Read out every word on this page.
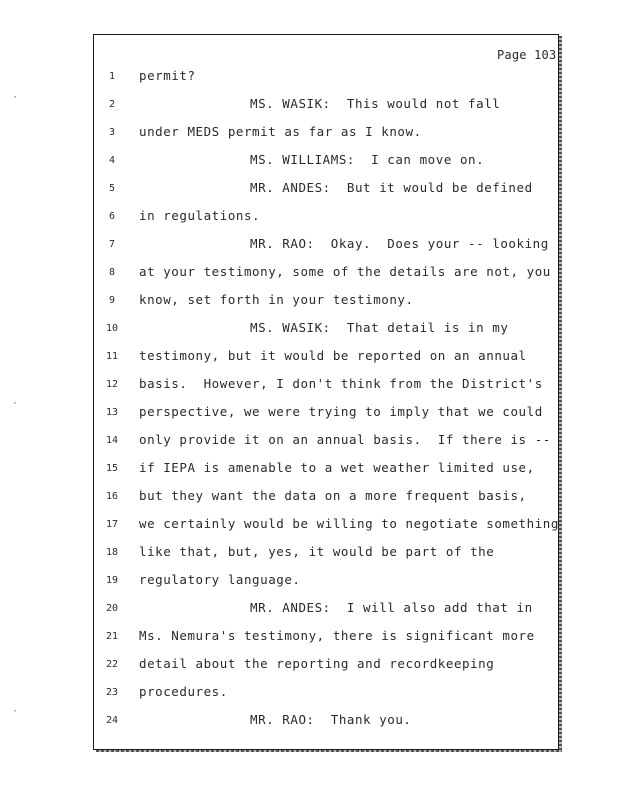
·
·
·
Page 103
1	permit?
2	MS. WASIK:  This would not fall
3	under MEDS permit as far as I know.
4	MS. WILLIAMS:  I can move on.
5	MR. ANDES:  But it would be defined
6	in regulations.
7	MR. RAO:  Okay.  Does your -- looking
8	at your testimony, some of the details are not, you
9	know, set forth in your testimony.
10	MS. WASIK:  That detail is in my
11	testimony, but it would be reported on an annual
12	basis.  However, I don't think from the District's
13	perspective, we were trying to imply that we could
14	only provide it on an annual basis.  If there is --
15	if IEPA is amenable to a wet weather limited use,
16	but they want the data on a more frequent basis,
17	we certainly would be willing to negotiate something
18	like that, but, yes, it would be part of the
19	regulatory language.
20	MR. ANDES:  I will also add that in
21	Ms. Nemura's testimony, there is significant more
22	detail about the reporting and recordkeeping
23	procedures.
24	MR. RAO:  Thank you.
